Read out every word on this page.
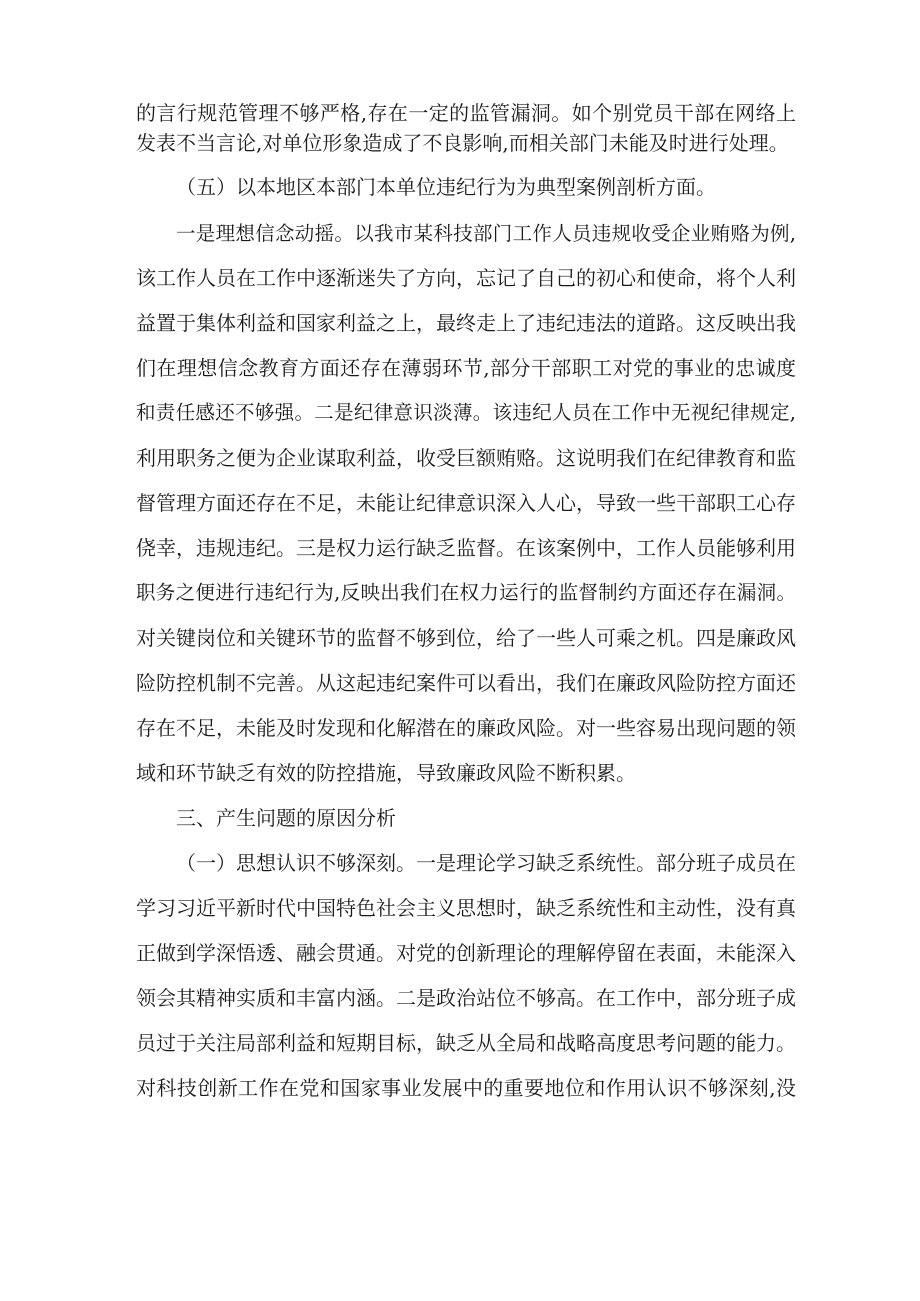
的言行规范管理不够严格,存在一定的监管漏洞。如个别党员干部在网络上
发表不当言论,对单位形象造成了不良影响,而相关部门未能及时进行处理。
（五）以本地区本部门本单位违纪行为为典型案例剖析方面。
一是理想信念动摇。以我市某科技部门工作人员违规收受企业贿赂为例,
该工作人员在工作中逐渐迷失了方向，忘记了自己的初心和使命，将个人利
益置于集体利益和国家利益之上，最终走上了违纪违法的道路。这反映出我
们在理想信念教育方面还存在薄弱环节,部分干部职工对党的事业的忠诚度
和责任感还不够强。二是纪律意识淡薄。该违纪人员在工作中无视纪律规定,
利用职务之便为企业谋取利益，收受巨额贿赂。这说明我们在纪律教育和监
督管理方面还存在不足，未能让纪律意识深入人心，导致一些干部职工心存
侥幸，违规违纪。三是权力运行缺乏监督。在该案例中，工作人员能够利用
职务之便进行违纪行为,反映出我们在权力运行的监督制约方面还存在漏洞。
对关键岗位和关键环节的监督不够到位，给了一些人可乘之机。四是廉政风
险防控机制不完善。从这起违纪案件可以看出，我们在廉政风险防控方面还
存在不足，未能及时发现和化解潜在的廉政风险。对一些容易出现问题的领
域和环节缺乏有效的防控措施，导致廉政风险不断积累。
三、产生问题的原因分析
（一）思想认识不够深刻。一是理论学习缺乏系统性。部分班子成员在
学习习近平新时代中国特色社会主义思想时，缺乏系统性和主动性，没有真
正做到学深悟透、融会贯通。对党的创新理论的理解停留在表面，未能深入
领会其精神实质和丰富内涵。二是政治站位不够高。在工作中，部分班子成
员过于关注局部利益和短期目标，缺乏从全局和战略高度思考问题的能力。
对科技创新工作在党和国家事业发展中的重要地位和作用认识不够深刻,没
